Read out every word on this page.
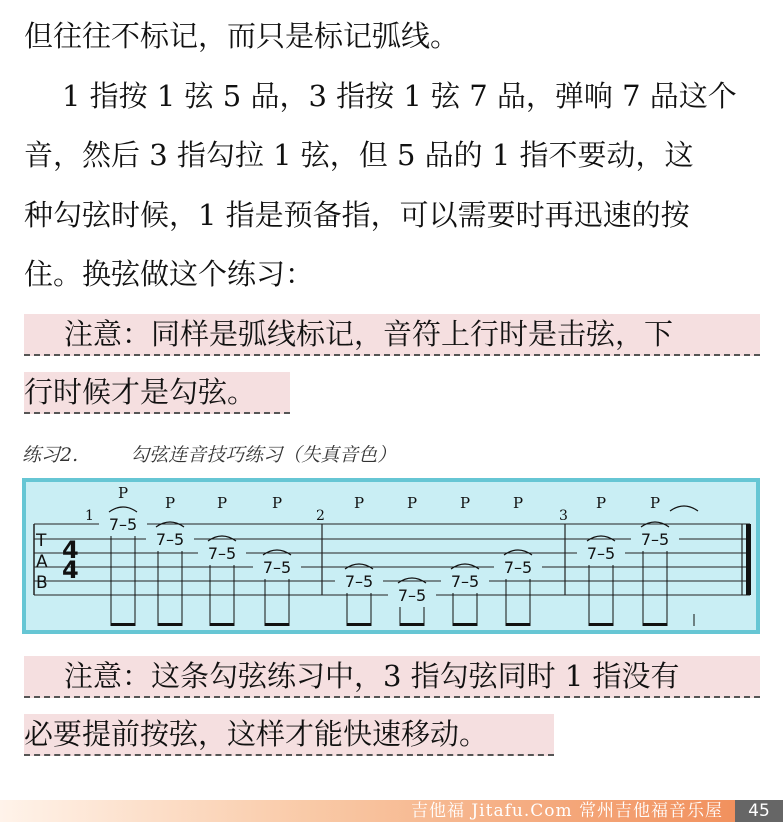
但往往不标记，而只是标记弧线。
1 指按 1 弦 5 品，3 指按 1 弦 7 品，弹响 7 品这个
音，然后 3 指勾拉 1 弦，但 5 品的 1 指不要动，这
种勾弦时候，1 指是预备指，可以需要时再迅速的按
住。换弦做这个练习：
注意：同样是弧线标记，音符上行时是击弦，下
行时候才是勾弦。
练习2.	勾弦连音技巧练习（失真音色）
T
A
B
4
4
1	2	3
7–5
P
7–5
P
7–5
P
7–5
P
7–5
P
7–5
P
7–5
P
7–5
P
7–5
P
7–5
P
注意：这条勾弦练习中，3 指勾弦同时 1 指没有
必要提前按弦，这样才能快速移动。
吉他福 Jitafu.Com 常州吉他福音乐屋	45
